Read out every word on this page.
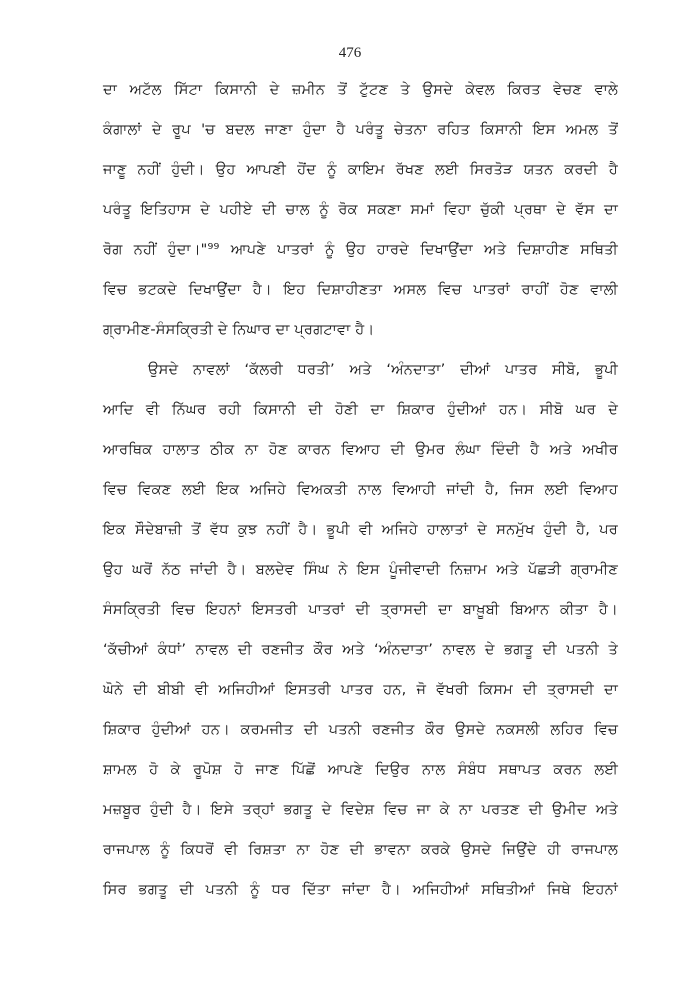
476
ਦਾ ਅਟੱਲ ਸਿੱਟਾ ਕਿਸਾਨੀ ਦੇ ਜ਼ਮੀਨ ਤੋਂ ਟੁੱਟਣ ਤੇ ਉਸਦੇ ਕੇਵਲ ਕਿਰਤ ਵੇਚਣ ਵਾਲੇ
ਕੰਗਾਲਾਂ ਦੇ ਰੂਪ 'ਚ ਬਦਲ ਜਾਣਾ ਹੁੰਦਾ ਹੈ ਪਰੰਤੂ ਚੇਤਨਾ ਰਹਿਤ ਕਿਸਾਨੀ ਇਸ ਅਮਲ ਤੋਂ
ਜਾਣੂ ਨਹੀਂ ਹੁੰਦੀ। ਉਹ ਆਪਣੀ ਹੋਂਦ ਨੂੰ ਕਾਇਮ ਰੱਖਣ ਲਈ ਸਿਰਤੋੜ ਯਤਨ ਕਰਦੀ ਹੈ
ਪਰੰਤੂ ਇਤਿਹਾਸ ਦੇ ਪਹੀਏ ਦੀ ਚਾਲ ਨੂੰ ਰੋਕ ਸਕਣਾ ਸਮਾਂ ਵਿਹਾ ਚੁੱਕੀ ਪ੍ਰਥਾ ਦੇ ਵੱਸ ਦਾ
ਰੋਗ ਨਹੀਂ ਹੁੰਦਾ।"⁹⁹ ਆਪਣੇ ਪਾਤਰਾਂ ਨੂੰ ਉਹ ਹਾਰਦੇ ਦਿਖਾਉਂਦਾ ਅਤੇ ਦਿਸ਼ਾਹੀਣ ਸਥਿਤੀ
ਵਿਚ ਭਟਕਦੇ ਦਿਖਾਉਂਦਾ ਹੈ। ਇਹ ਦਿਸ਼ਾਹੀਣਤਾ ਅਸਲ ਵਿਚ ਪਾਤਰਾਂ ਰਾਹੀਂ ਹੋਣ ਵਾਲੀ
ਗ੍ਰਾਮੀਣ-ਸੰਸਕ੍ਰਿਤੀ ਦੇ ਨਿਘਾਰ ਦਾ ਪ੍ਰਗਟਾਵਾ ਹੈ।
ਉਸਦੇ ਨਾਵਲਾਂ ‘ਕੱਲਰੀ ਧਰਤੀ’ ਅਤੇ ‘ਅੰਨਦਾਤਾ’ ਦੀਆਂ ਪਾਤਰ ਸੀਬੋ, ਭੂਪੀ
ਆਦਿ ਵੀ ਨਿੱਘਰ ਰਹੀ ਕਿਸਾਨੀ ਦੀ ਹੋਣੀ ਦਾ ਸ਼ਿਕਾਰ ਹੁੰਦੀਆਂ ਹਨ। ਸੀਬੋ ਘਰ ਦੇ
ਆਰਥਿਕ ਹਾਲਾਤ ਠੀਕ ਨਾ ਹੋਣ ਕਾਰਨ ਵਿਆਹ ਦੀ ਉਮਰ ਲੰਘਾ ਦਿੰਦੀ ਹੈ ਅਤੇ ਅਖੀਰ
ਵਿਚ ਵਿਕਣ ਲਈ ਇਕ ਅਜਿਹੇ ਵਿਅਕਤੀ ਨਾਲ ਵਿਆਹੀ ਜਾਂਦੀ ਹੈ, ਜਿਸ ਲਈ ਵਿਆਹ
ਇਕ ਸੌਦੇਬਾਜ਼ੀ ਤੋਂ ਵੱਧ ਕੁਝ ਨਹੀਂ ਹੈ। ਭੂਪੀ ਵੀ ਅਜਿਹੇ ਹਾਲਾਤਾਂ ਦੇ ਸਨਮੁੱਖ ਹੁੰਦੀ ਹੈ, ਪਰ
ਉਹ ਘਰੋਂ ਨੱਠ ਜਾਂਦੀ ਹੈ। ਬਲਦੇਵ ਸਿੰਘ ਨੇ ਇਸ ਪੂੰਜੀਵਾਦੀ ਨਿਜ਼ਾਮ ਅਤੇ ਪੱਛੜੀ ਗ੍ਰਾਮੀਣ
ਸੰਸਕ੍ਰਿਤੀ ਵਿਚ ਇਹਨਾਂ ਇਸਤਰੀ ਪਾਤਰਾਂ ਦੀ ਤ੍ਰਾਸਦੀ ਦਾ ਬਾਖ਼ੂਬੀ ਬਿਆਨ ਕੀਤਾ ਹੈ।
‘ਕੱਚੀਆਂ ਕੰਧਾਂ’ ਨਾਵਲ ਦੀ ਰਣਜੀਤ ਕੌਰ ਅਤੇ ‘ਅੰਨਦਾਤਾ’ ਨਾਵਲ ਦੇ ਭਗਤੂ ਦੀ ਪਤਨੀ ਤੇ
ਘੋਨੇ ਦੀ ਬੀਬੀ ਵੀ ਅਜਿਹੀਆਂ ਇਸਤਰੀ ਪਾਤਰ ਹਨ, ਜੋ ਵੱਖਰੀ ਕਿਸਮ ਦੀ ਤ੍ਰਾਸਦੀ ਦਾ
ਸ਼ਿਕਾਰ ਹੁੰਦੀਆਂ ਹਨ। ਕਰਮਜੀਤ ਦੀ ਪਤਨੀ ਰਣਜੀਤ ਕੌਰ ਉਸਦੇ ਨਕਸਲੀ ਲਹਿਰ ਵਿਚ
ਸ਼ਾਮਲ ਹੋ ਕੇ ਰੂਪੋਸ਼ ਹੋ ਜਾਣ ਪਿੱਛੋਂ ਆਪਣੇ ਦਿਉਰ ਨਾਲ ਸੰਬੰਧ ਸਥਾਪਤ ਕਰਨ ਲਈ
ਮਜ਼ਬੂਰ ਹੁੰਦੀ ਹੈ। ਇਸੇ ਤਰ੍ਹਾਂ ਭਗਤੂ ਦੇ ਵਿਦੇਸ਼ ਵਿਚ ਜਾ ਕੇ ਨਾ ਪਰਤਣ ਦੀ ਉਮੀਦ ਅਤੇ
ਰਾਜਪਾਲ ਨੂੰ ਕਿਧਰੋਂ ਵੀ ਰਿਸ਼ਤਾ ਨਾ ਹੋਣ ਦੀ ਭਾਵਨਾ ਕਰਕੇ ਉਸਦੇ ਜਿਉਂਦੇ ਹੀ ਰਾਜਪਾਲ
ਸਿਰ ਭਗਤੂ ਦੀ ਪਤਨੀ ਨੂੰ ਧਰ ਦਿੱਤਾ ਜਾਂਦਾ ਹੈ। ਅਜਿਹੀਆਂ ਸਥਿਤੀਆਂ ਜਿਥੇ ਇਹਨਾਂ
